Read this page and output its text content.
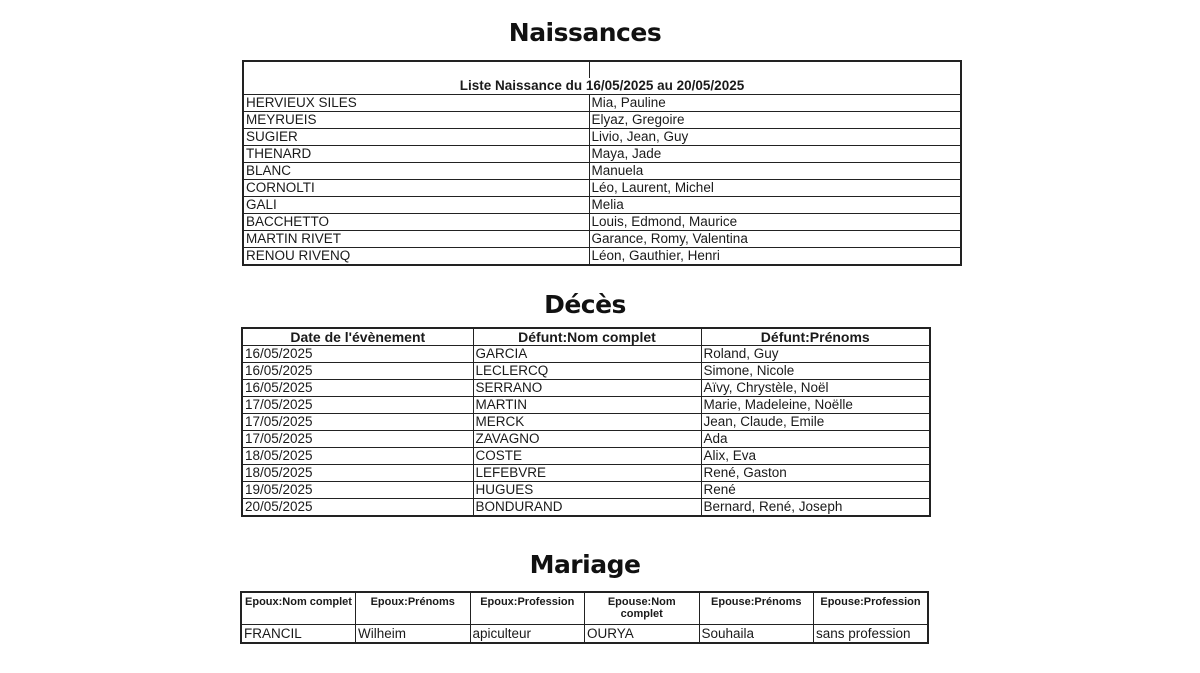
Naissances

Liste Naissance du 16/05/2025 au 20/05/2025	
HERVIEUX SILES	Mia, Pauline
MEYRUEIS	Elyaz, Gregoire
SUGIER	Livio, Jean, Guy
THENARD	Maya, Jade
BLANC	Manuela
CORNOLTI	Léo, Laurent, Michel
GALI	Melia
BACCHETTO	Louis, Edmond, Maurice
MARTIN RIVET	Garance, Romy, Valentina
RENOU RIVENQ	Léon, Gauthier, Henri
Décès
Date de l'évènement	Défunt:Nom complet	Défunt:Prénoms
16/05/2025	GARCIA	Roland, Guy
16/05/2025	LECLERCQ	Simone, Nicole
16/05/2025	SERRANO	Aïvy, Chrystèle, Noël
17/05/2025	MARTIN	Marie, Madeleine, Noëlle
17/05/2025	MERCK	Jean, Claude, Emile
17/05/2025	ZAVAGNO	Ada
18/05/2025	COSTE	Alix, Eva
18/05/2025	LEFEBVRE	René, Gaston
19/05/2025	HUGUES	René
20/05/2025	BONDURAND	Bernard, René, Joseph
Mariage
Epoux:Nom complet	Epoux:Prénoms	Epoux:Profession	Epouse:Nom complet	Epouse:Prénoms	Epouse:Profession
FRANCIL	Wilheim	apiculteur	OURYA	Souhaila	sans profession
